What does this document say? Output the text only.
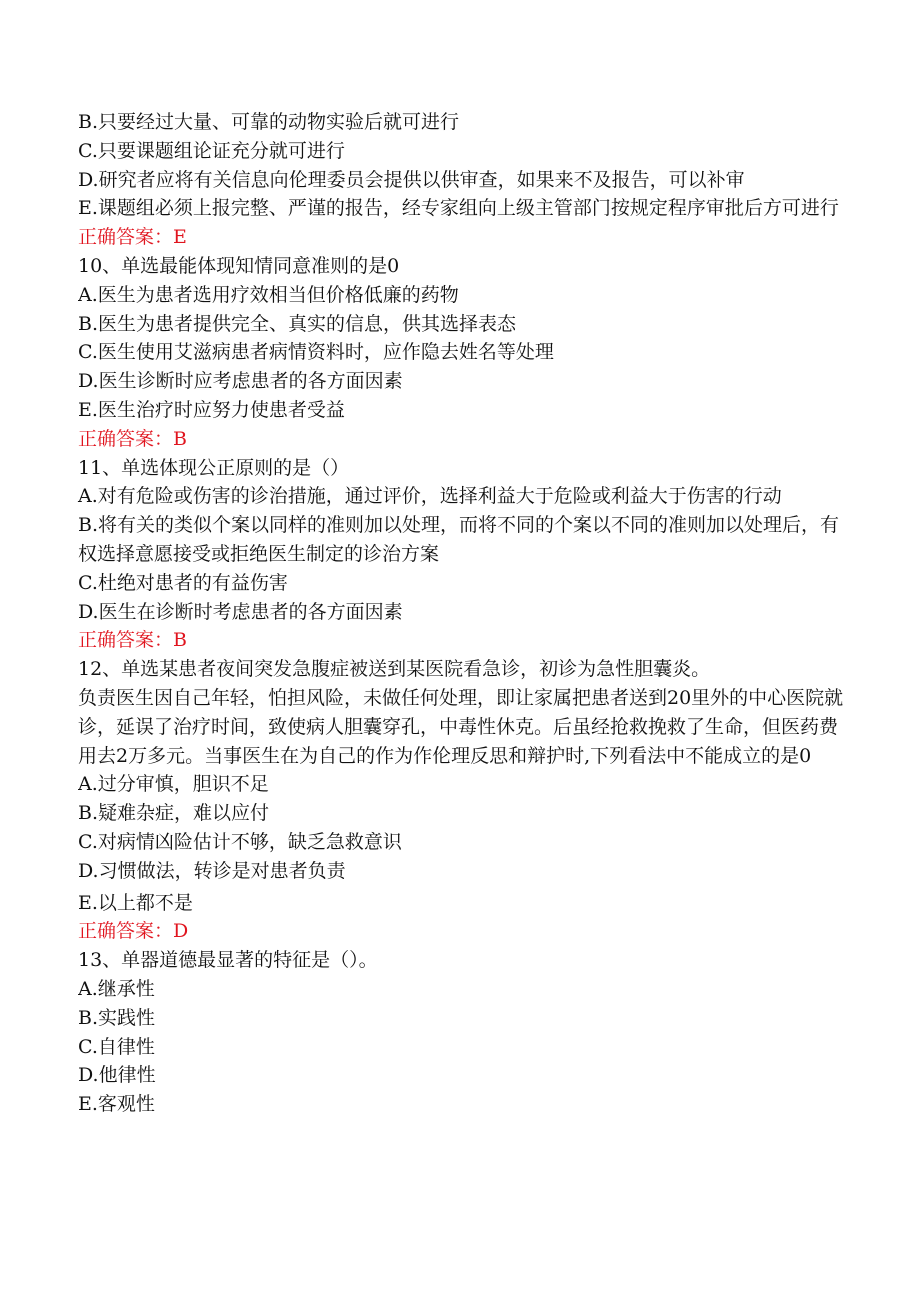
B.只要经过大量、可靠的动物实验后就可进行
C.只要课题组论证充分就可进行
D.研究者应将有关信息向伦理委员会提供以供审查，如果来不及报告，可以补审
E.课题组必须上报完整、严谨的报告，经专家组向上级主管部门按规定程序审批后方可进行正确答案：E
10、单选最能体现知情同意准则的是0
A.医生为患者选用疗效相当但价格低廉的药物
B.医生为患者提供完全、真实的信息，供其选择表态
C.医生使用艾滋病患者病情资料时，应作隐去姓名等处理
D.医生诊断时应考虑患者的各方面因素
E.医生治疗时应努力使患者受益
正确答案：B
11、单选体现公正原则的是（）
A.对有危险或伤害的诊治措施，通过评价，选择利益大于危险或利益大于伤害的行动
B.将有关的类似个案以同样的准则加以处理，而将不同的个案以不同的准则加以处理后，有权选择意愿接受或拒绝医生制定的诊治方案
C.杜绝对患者的有益伤害
D.医生在诊断时考虑患者的各方面因素
正确答案：B
12、单选某患者夜间突发急腹症被送到某医院看急诊，初诊为急性胆囊炎。
负责医生因自己年轻，怕担风险，未做任何处理，即让家属把患者送到20里外的中心医院就诊，延误了治疗时间，致使病人胆囊穿孔，中毒性休克。后虽经抢救挽救了生命，但医药费用去2万多元。当事医生在为自己的作为作伦理反思和辩护时,下列看法中不能成立的是0
A.过分审慎，胆识不足
B.疑难杂症，难以应付
C.对病情凶险估计不够，缺乏急救意识
D.习惯做法，转诊是对患者负责
E.以上都不是
正确答案：D
13、单器道德最显著的特征是（）。
A.继承性
B.实践性
C.自律性
D.他律性
E.客观性
